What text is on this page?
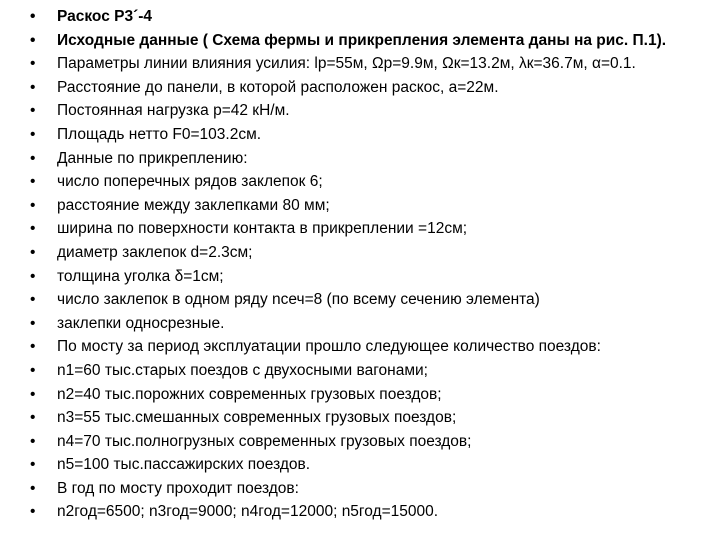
• Раскос Р3´-4
• Исходные данные ( Схема фермы и прикрепления элемента даны на рис. П.1).
• Параметры линии влияния усилия: lр=55м, Ωр=9.9м, Ωк=13.2м, λк=36.7м, α=0.1.
• Расстояние до панели, в которой расположен раскос, а=22м.
• Постоянная нагрузка р=42 кН/м.
• Площадь нетто F0=103.2см.
• Данные по прикреплению:
• число поперечных рядов заклепок 6;
• расстояние между заклепками 80 мм;
• ширина по поверхности контакта в прикреплении =12см;
• диаметр заклепок d=2.3см;
• толщина уголка δ=1см;
• число заклепок в одном ряду nсеч=8 (по всему сечению элемента)
• заклепки односрезные.
• По мосту за период эксплуатации прошло следующее количество поездов:
• n1=60 тыс.старых поездов с двухосными вагонами;
• n2=40 тыс.порожних современных грузовых поездов;
• n3=55 тыс.смешанных современных грузовых поездов;
• n4=70 тыс.полногрузных современных грузовых поездов;
• n5=100 тыс.пассажирских поездов.
• В год по мосту проходит поездов:
• n2год=6500; n3год=9000; n4год=12000; n5год=15000.
